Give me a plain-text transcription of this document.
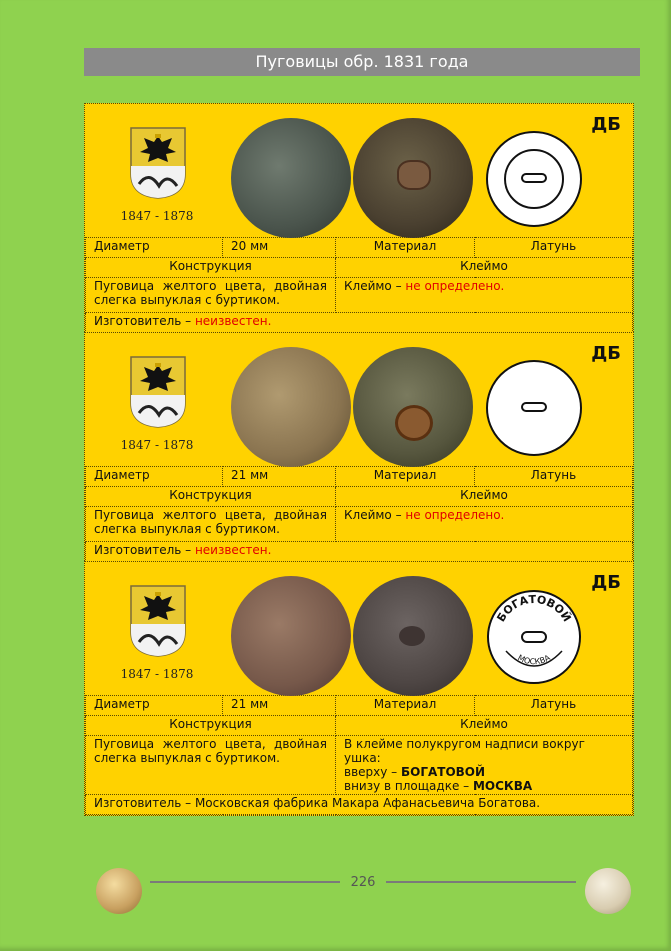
Пуговицы обр. 1831 года
1847 - 1878
ДБ
Диаметр	20 мм	Материал	Латунь
Конструкция		Клеймо	
Пуговица желтого цвета, двойная слегка выпуклая с буртиком.		Клеймо – не определено.	
Изготовитель – неизвестен.			
1847 - 1878
ДБ
Диаметр	21 мм	Материал	Латунь
Конструкция		Клеймо	
Пуговица желтого цвета, двойная слегка выпуклая с буртиком.		Клеймо – не определено.	
Изготовитель – неизвестен.			
1847 - 1878
БОГАТОВОЙ
МОСКВА
ДБ
Диаметр	21 мм	Материал	Латунь
Конструкция		Клеймо	
Пуговица желтого цвета, двойная слегка выпуклая с буртиком.		В клейме полукругом надписи вокруг ушка:
вверху – БОГАТОВОЙ
внизу в площадке – МОСКВА	

Изготовитель – Московская фабрика Макара Афанасьевича Богатова.			
226
